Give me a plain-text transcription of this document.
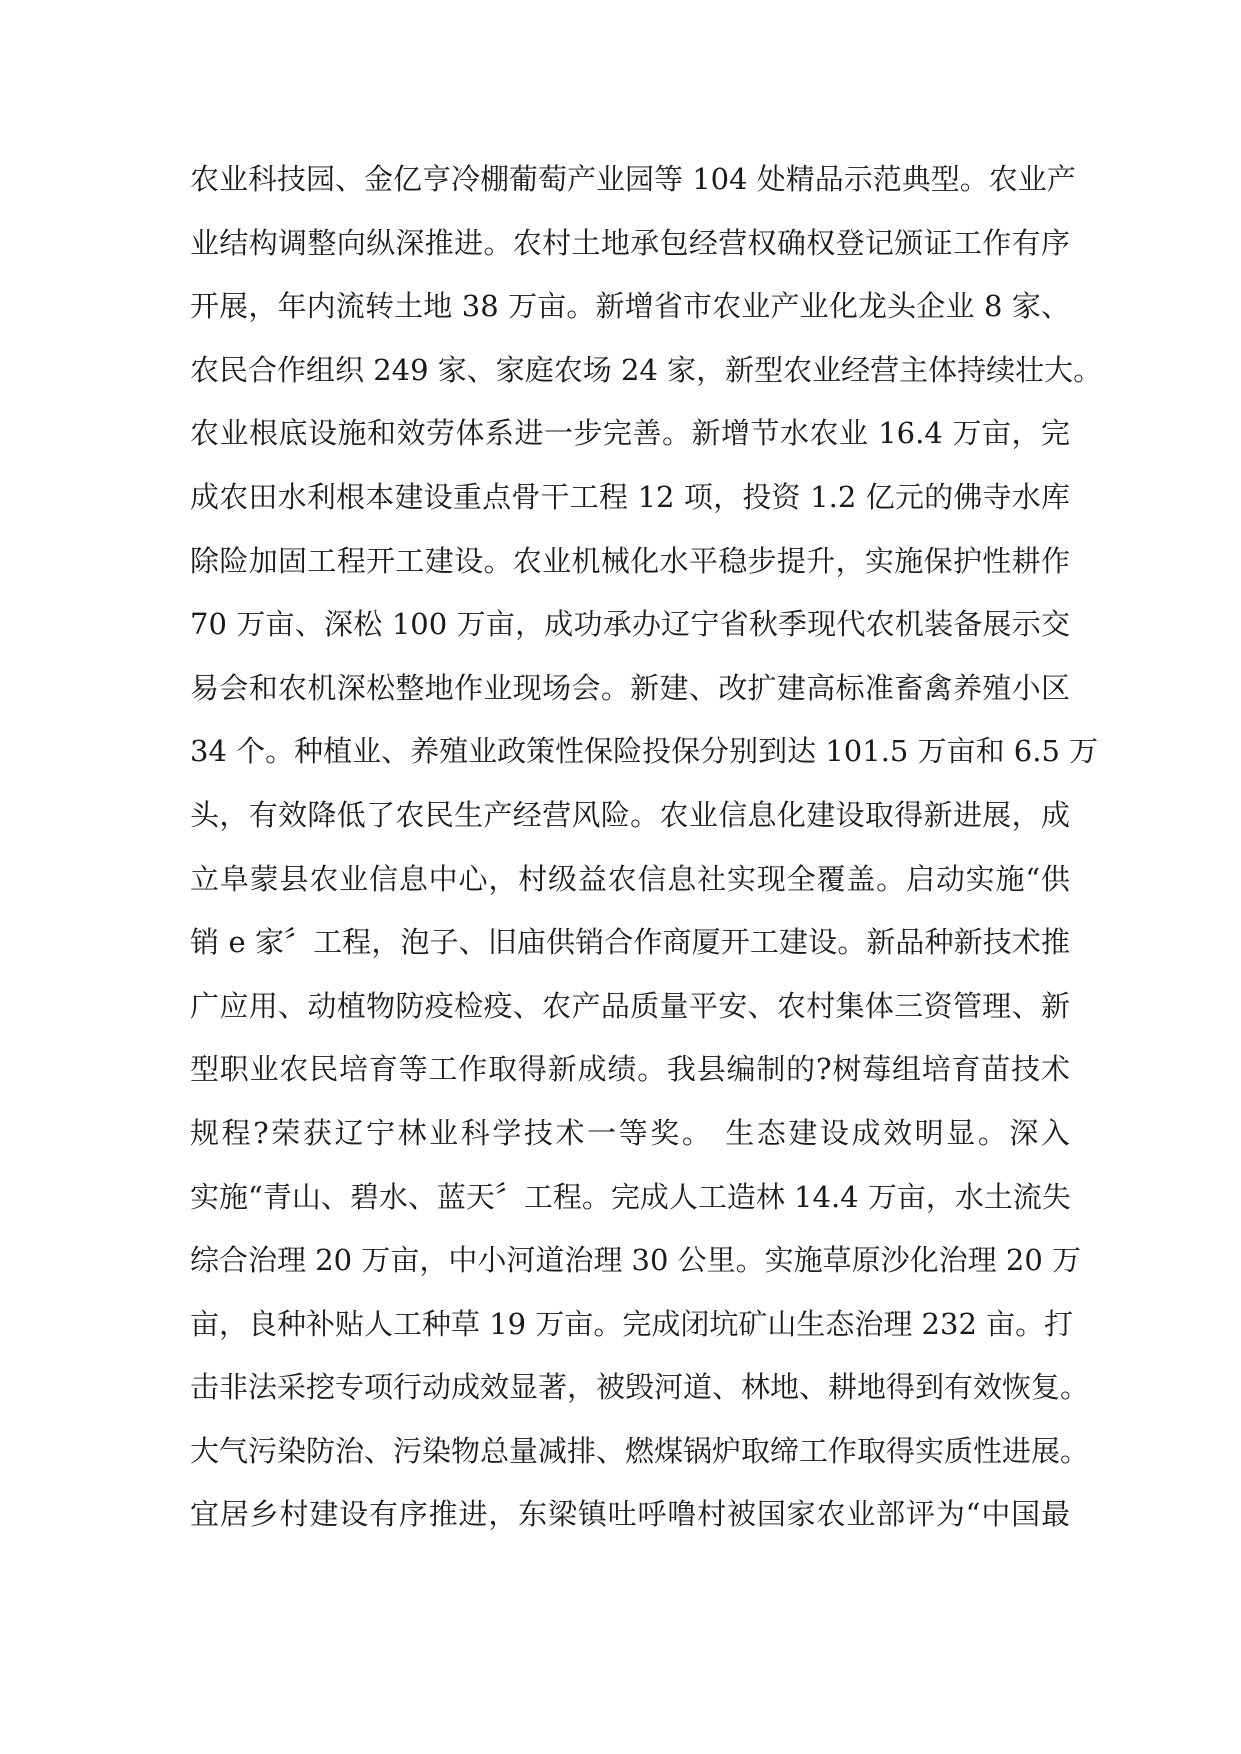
农业科技园、金亿亨冷棚葡萄产业园等 104 处精品示范典型。农业产
业结构调整向纵深推进。农村土地承包经营权确权登记颁证工作有序
开展，年内流转土地 38 万亩。新增省市农业产业化龙头企业 8 家、
农民合作组织 249 家、家庭农场 24 家，新型农业经营主体持续壮大。
农业根底设施和效劳体系进一步完善。新增节水农业 16.4 万亩，完
成农田水利根本建设重点骨干工程 12 项，投资 1.2 亿元的佛寺水库
除险加固工程开工建设。农业机械化水平稳步提升，实施保护性耕作
70 万亩、深松 100 万亩，成功承办辽宁省秋季现代农机装备展示交
易会和农机深松整地作业现场会。新建、改扩建高标准畜禽养殖小区
34 个。种植业、养殖业政策性保险投保分别到达 101.5 万亩和 6.5 万
头，有效降低了农民生产经营风险。农业信息化建设取得新进展，成
立阜蒙县农业信息中心，村级益农信息社实现全覆盖。启动实施“供
销 e 家〞工程，泡子、旧庙供销合作商厦开工建设。新品种新技术推
广应用、动植物防疫检疫、农产品质量平安、农村集体三资管理、新
型职业农民培育等工作取得新成绩。我县编制的?树莓组培育苗技术
规程?荣获辽宁林业科学技术一等奖。 生态建设成效明显。深入
实施“青山、碧水、蓝天〞工程。完成人工造林 14.4 万亩，水土流失
综合治理 20 万亩，中小河道治理 30 公里。实施草原沙化治理 20 万
亩，良种补贴人工种草 19 万亩。完成闭坑矿山生态治理 232 亩。打
击非法采挖专项行动成效显著，被毁河道、林地、耕地得到有效恢复。
大气污染防治、污染物总量减排、燃煤锅炉取缔工作取得实质性进展。
宜居乡村建设有序推进，东梁镇吐呼噜村被国家农业部评为“中国最
